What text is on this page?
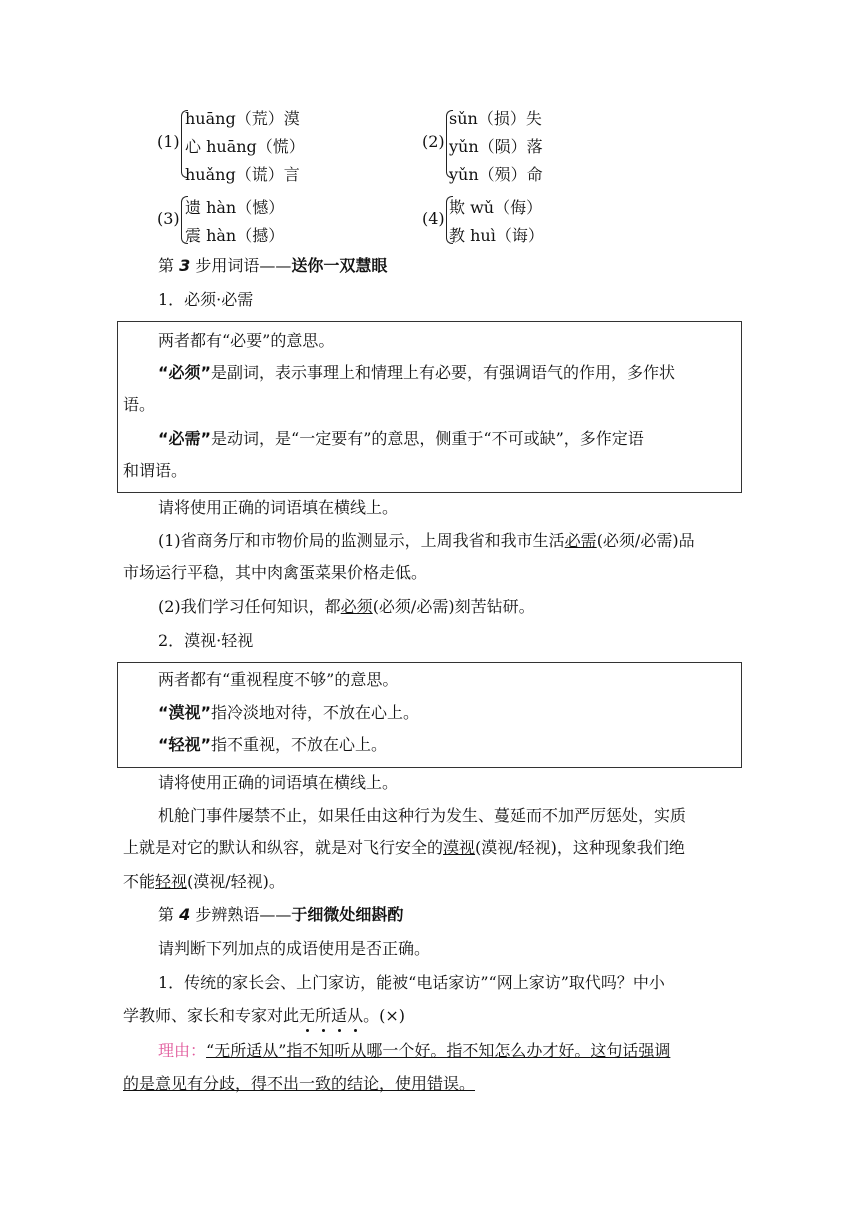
(1)
huāng（荒）漠
心 huāng（慌）
huǎng（谎）言
(2)
sǔn（损）失
yǔn（陨）落
yǔn（殒）命
(3)
遗 hàn（憾）
震 hàn（撼）
(4)
欺 wǔ（侮）
教 huì（诲）
第 3 步用词语——送你一双慧眼
1．必须·必需

两者都有“必要”的意思。

“必须”是副词，表示事理上和情理上有必要，有强调语气的作用，多作状

语。

“必需”是动词，是“一定要有”的意思，侧重于“不可或缺”，多作定语

和谓语。

请将使用正确的词语填在横线上。
(1)省商务厅和市物价局的监测显示，上周我省和我市生活必需(必须/必需)品
市场运行平稳，其中肉禽蛋菜果价格走低。
(2)我们学习任何知识，都必须(必须/必需)刻苦钻研。
2．漠视·轻视

两者都有“重视程度不够”的意思。

“漠视”指冷淡地对待，不放在心上。

“轻视”指不重视，不放在心上。

请将使用正确的词语填在横线上。
机舱门事件屡禁不止，如果任由这种行为发生、蔓延而不加严厉惩处，实质
上就是对它的默认和纵容，就是对飞行安全的漠视(漠视/轻视)，这种现象我们绝
不能轻视(漠视/轻视)。
第 4 步辨熟语——于细微处细斟酌
请判断下列加点的成语使用是否正确。
1．传统的家长会、上门家访，能被“电话家访”“网上家访”取代吗？中小
学教师、家长和专家对此无所适从。(×)
理由：“无所适从”指不知听从哪一个好。指不知怎么办才好。这句话强调
的是意见有分歧，得不出一致的结论，使用错误。
